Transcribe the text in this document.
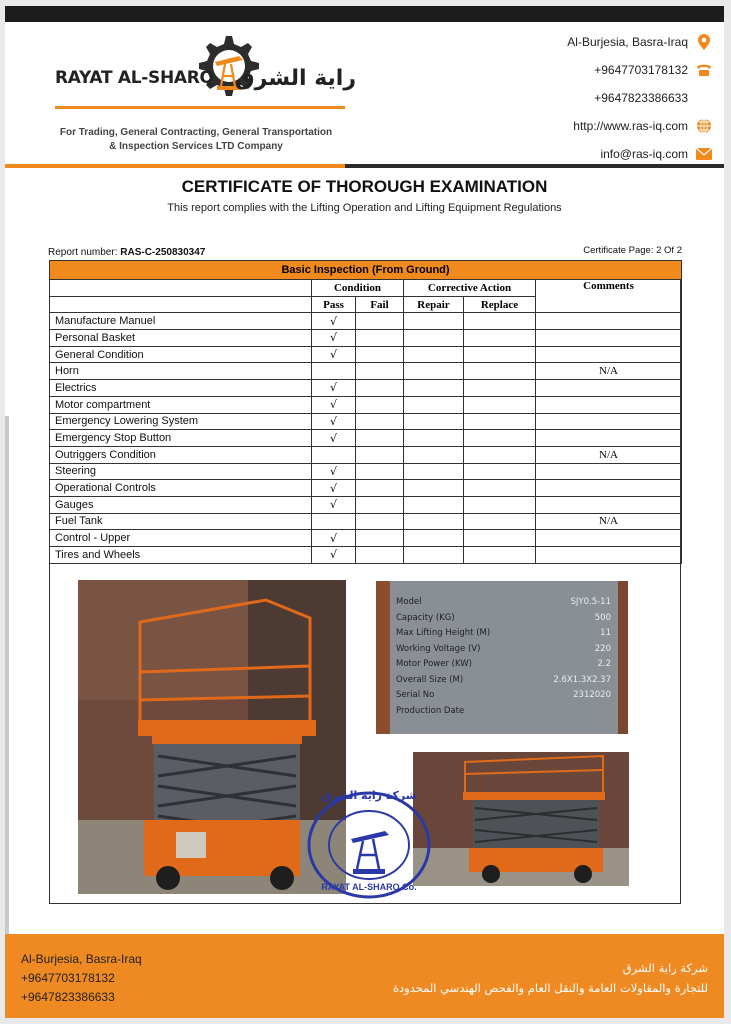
RAYAT AL-SHARQ راية الشرق
For Trading, General Contracting, General Transportation
& Inspection Services LTD Company
Al-Burjesia, Basra-Iraq
+9647703178132
+9647823386633
http://www.ras-iq.com
info@ras-iq.com
CERTIFICATE OF THOROUGH EXAMINATION
This report complies with the Lifting Operation and Lifting Equipment Regulations
Report number: RAS-C-250830347	Certificate Page: 2 Of 2
Basic Inspection (From Ground)					
	Condition		Corrective Action		Comments
	Pass	Fail	Repair	Replace	
Manufacture Manuel	√				
Personal Basket	√				
General Condition	√				
Horn					N/A
Electrics	√				
Motor compartment	√				
Emergency Lowering System	√				
Emergency Stop Button	√				
Outriggers Condition					N/A
Steering	√				
Operational Controls	√				
Gauges	√				
Fuel Tank					N/A
Control - Upper	√				
Tires and Wheels	√				
Model	SJY0.5-11
Capacity (KG)	500
Max Lifting Height (M)	11
Working Voltage (V)	220
Motor Power (KW)	2.2
Overall Size (M)	2.6X1.3X2.37
Serial No	2312020
Production Date
شركة راية الشرق
RAYAT AL-SHARQ Co.
Al-Burjesia, Basra-Iraq
+9647703178132
+9647823386633
شركة راية الشرق
للتجارة والمقاولات العامة والنقل العام والفحص الهندسي المحدودة
